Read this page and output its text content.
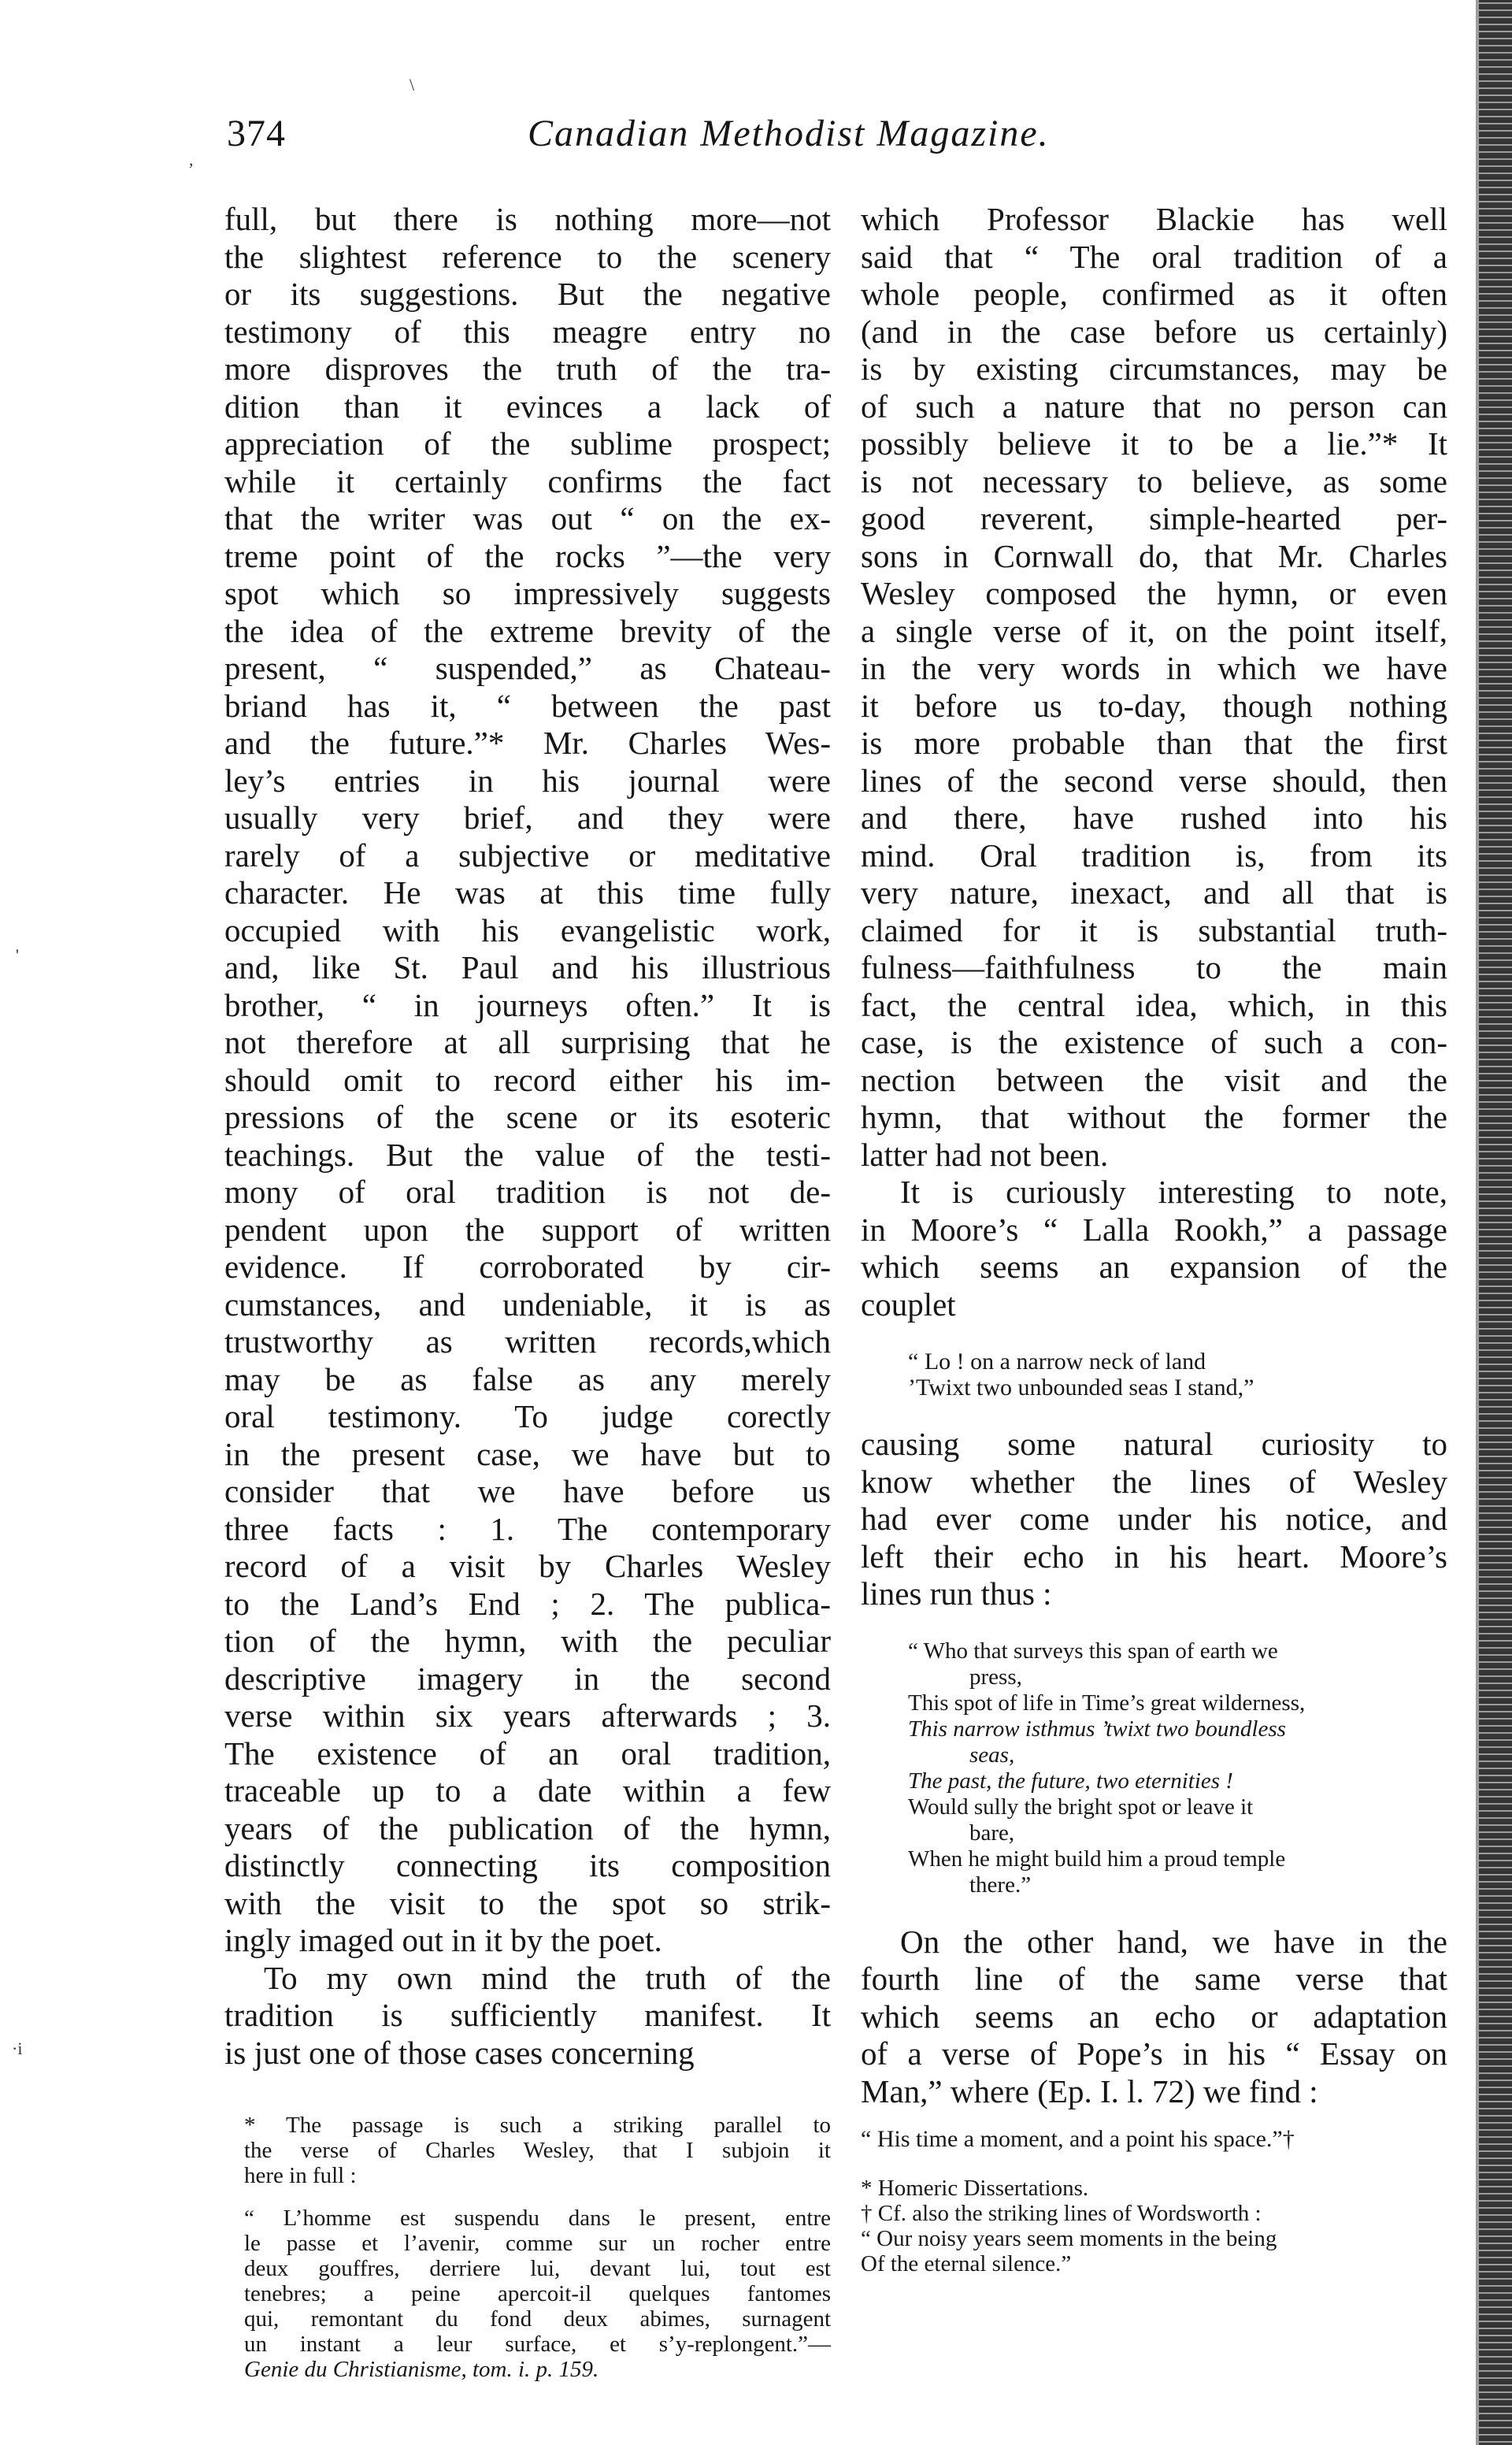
374	Canadian Methodist Magazine.
full, but there is nothing more—not
the slightest reference to the scenery
or its suggestions. But the negative
testimony of this meagre entry no
more disproves the truth of the tra-
dition than it evinces a lack of
appreciation of the sublime prospect;
while it certainly confirms the fact
that the writer was out “ on the ex-
treme point of the rocks ”—the very
spot which so impressively suggests
the idea of the extreme brevity of the
present, “ suspended,” as Chateau-
briand has it, “ between the past
and the future.”* Mr. Charles Wes-
ley’s entries in his journal were
usually very brief, and they were
rarely of a subjective or meditative
character. He was at this time fully
occupied with his evangelistic work,
and, like St. Paul and his illustrious
brother, “ in journeys often.” It is
not therefore at all surprising that he
should omit to record either his im-
pressions of the scene or its esoteric
teachings. But the value of the testi-
mony of oral tradition is not de-
pendent upon the support of written
evidence. If corroborated by cir-
cumstances, and undeniable, it is as
trustworthy as written records,which
may be as false as any merely
oral testimony. To judge corectly
in the present case, we have but to
consider that we have before us
three facts : 1. The contemporary
record of a visit by Charles Wesley
to the Land’s End ; 2. The publica-
tion of the hymn, with the peculiar
descriptive imagery in the second
verse within six years afterwards ; 3.
The existence of an oral tradition,
traceable up to a date within a few
years of the publication of the hymn,
distinctly connecting its composition
with the visit to the spot so strik-
ingly imaged out in it by the poet.
To my own mind the truth of the
tradition is sufficiently manifest. It
is just one of those cases concerning
* The passage is such a striking parallel to
the verse of Charles Wesley, that I subjoin it
here in full :
“ L’homme est suspendu dans le present, entre
le passe et l’avenir, comme sur un rocher entre
deux gouffres, derriere lui, devant lui, tout est
tenebres; a peine apercoit-il quelques fantomes
qui, remontant du fond deux abimes, surnagent
un instant a leur surface, et s’y-replongent.”—
Genie du Christianisme, tom. i. p. 159.
which Professor Blackie has well
said that “ The oral tradition of a
whole people, confirmed as it often
(and in the case before us certainly)
is by existing circumstances, may be
of such a nature that no person can
possibly believe it to be a lie.”* It
is not necessary to believe, as some
good reverent, simple-hearted per-
sons in Cornwall do, that Mr. Charles
Wesley composed the hymn, or even
a single verse of it, on the point itself,
in the very words in which we have
it before us to-day, though nothing
is more probable than that the first
lines of the second verse should, then
and there, have rushed into his
mind. Oral tradition is, from its
very nature, inexact, and all that is
claimed for it is substantial truth-
fulness—faithfulness to the main
fact, the central idea, which, in this
case, is the existence of such a con-
nection between the visit and the
hymn, that without the former the
latter had not been.
It is curiously interesting to note,
in Moore’s “ Lalla Rookh,” a passage
which seems an expansion of the
couplet
“ Lo ! on a narrow neck of land
’Twixt two unbounded seas I stand,”
causing some natural curiosity to
know whether the lines of Wesley
had ever come under his notice, and
left their echo in his heart. Moore’s
lines run thus :
“ Who that surveys this span of earth we
press,
This spot of life in Time’s great wilderness,
This narrow isthmus ’twixt two boundless
seas,
The past, the future, two eternities !
Would sully the bright spot or leave it
bare,
When he might build him a proud temple
there.”
On the other hand, we have in the
fourth line of the same verse that
which seems an echo or adaptation
of a verse of Pope’s in his “ Essay on
Man,” where (Ep. I. l. 72) we find :
“ His time a moment, and a point his space.”†
* Homeric Dissertations.
† Cf. also the striking lines of Wordsworth :
“ Our noisy years seem moments in the being
Of the eternal silence.”
\
,
'
·i
